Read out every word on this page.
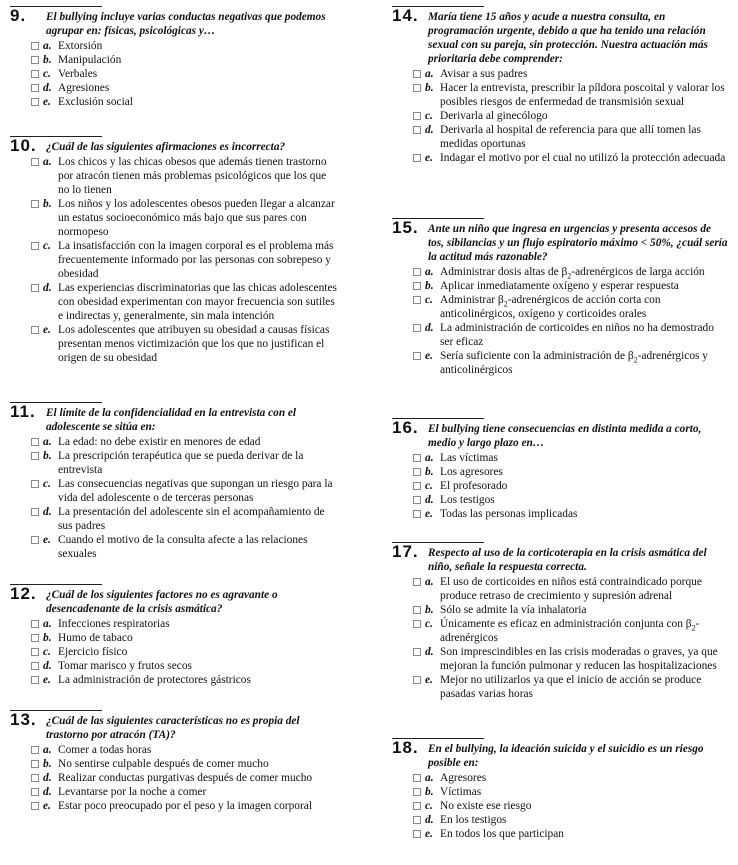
9. El bullying incluye varias conductas negativas que podemos agrupar en: físicas, psicológicas y…
a. Extorsión
b. Manipulación
c. Verbales
d. Agresiones
e. Exclusión social
10. ¿Cuál de las siguientes afirmaciones es incorrecta?
a. Los chicos y las chicas obesos que además tienen trastorno por atracón tienen más problemas psicológicos que los que no lo tienen
b. Los niños y los adolescentes obesos pueden llegar a alcanzar un estatus socioeconómico más bajo que sus pares con normopeso
c. La insatisfacción con la imagen corporal es el problema más frecuentemente informado por las personas con sobrepeso y obesidad
d. Las experiencias discriminatorias que las chicas adolescentes con obesidad experimentan con mayor frecuencia son sutiles e indirectas y, generalmente, sin mala intención
e. Los adolescentes que atribuyen su obesidad a causas físicas presentan menos victimización que los que no justifican el origen de su obesidad
11. El límite de la confidencialidad en la entrevista con el adolescente se sitúa en:
a. La edad: no debe existir en menores de edad
b. La prescripción terapéutica que se pueda derivar de la entrevista
c. Las consecuencias negativas que supongan un riesgo para la vida del adolescente o de terceras personas
d. La presentación del adolescente sin el acompañamiento de sus padres
e. Cuando el motivo de la consulta afecte a las relaciones sexuales
12. ¿Cuál de los siguientes factores no es agravante o desencadenante de la crisis asmática?
a. Infecciones respiratorias
b. Humo de tabaco
c. Ejercicio físico
d. Tomar marisco y frutos secos
e. La administración de protectores gástricos
13. ¿Cuál de las siguientes características no es propia del trastorno por atracón (TA)?
a. Comer a todas horas
b. No sentirse culpable después de comer mucho
d. Realizar conductas purgativas después de comer mucho
d. Levantarse por la noche a comer
e. Estar poco preocupado por el peso y la imagen corporal
14. María tiene 15 años y acude a nuestra consulta, en programación urgente, debido a que ha tenido una relación sexual con su pareja, sin protección. Nuestra actuación más prioritaria debe comprender:
a. Avisar a sus padres
b. Hacer la entrevista, prescribir la píldora poscoital y valorar los posibles riesgos de enfermedad de transmisión sexual
c. Derivarla al ginecólogo
d. Derivarla al hospital de referencia para que allí tomen las medidas oportunas
e. Indagar el motivo por el cual no utilizó la protección adecuada
15. Ante un niño que ingresa en urgencias y presenta accesos de tos, sibilancias y un flujo espiratorio máximo < 50%, ¿cuál sería la actitud más razonable?
a. Administrar dosis altas de $\beta_2$-adrenérgicos de larga acción
b. Aplicar inmediatamente oxígeno y esperar respuesta
c. Administrar $\beta_2$-adrenérgicos de acción corta con anticolinérgicos, oxígeno y corticoides orales
d. La administración de corticoides en niños no ha demostrado ser eficaz
e. Sería suficiente con la administración de $\beta_2$-adrenérgicos y anticolinérgicos
16. El bullying tiene consecuencias en distinta medida a corto, medio y largo plazo en…
a. Las víctimas
b. Los agresores
c. El profesorado
d. Los testigos
e. Todas las personas implicadas
17. Respecto al uso de la corticoterapia en la crisis asmática del niño, señale la respuesta correcta.
a. El uso de corticoides en niños está contraindicado porque produce retraso de crecimiento y supresión adrenal
b. Sólo se admite la vía inhalatoria
c. Únicamente es eficaz en administración conjunta con $\beta_2$-adrenérgicos
d. Son imprescindibles en las crisis moderadas o graves, ya que mejoran la función pulmonar y reducen las hospitalizaciones
e. Mejor no utilizarlos ya que el inicio de acción se produce pasadas varias horas
18. En el bullying, la ideación suicida y el suicidio es un riesgo posible en:
a. Agresores
b. Víctimas
c. No existe ese riesgo
d. En los testigos
e. En todos los que participan
